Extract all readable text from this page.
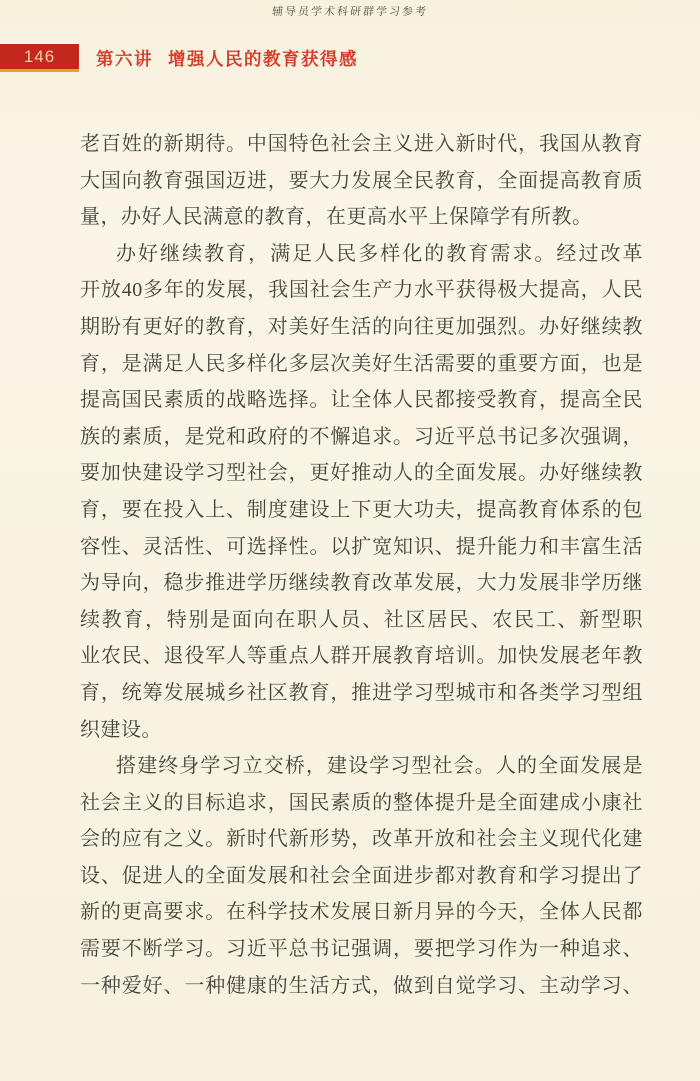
辅导员学术科研群学习参考
146	第六讲 增强人民的教育获得感
老百姓的新期待。中国特色社会主义进入新时代，我国从教育
大国向教育强国迈进，要大力发展全民教育，全面提高教育质
量，办好人民满意的教育，在更高水平上保障学有所教。
办好继续教育，满足人民多样化的教育需求。经过改革
开放40多年的发展，我国社会生产力水平获得极大提高，人民
期盼有更好的教育，对美好生活的向往更加强烈。办好继续教
育，是满足人民多样化多层次美好生活需要的重要方面，也是
提高国民素质的战略选择。让全体人民都接受教育，提高全民
族的素质，是党和政府的不懈追求。习近平总书记多次强调，
要加快建设学习型社会，更好推动人的全面发展。办好继续教
育，要在投入上、制度建设上下更大功夫，提高教育体系的包
容性、灵活性、可选择性。以扩宽知识、提升能力和丰富生活
为导向，稳步推进学历继续教育改革发展，大力发展非学历继
续教育，特别是面向在职人员、社区居民、农民工、新型职
业农民、退役军人等重点人群开展教育培训。加快发展老年教
育，统筹发展城乡社区教育，推进学习型城市和各类学习型组
织建设。
搭建终身学习立交桥，建设学习型社会。人的全面发展是
社会主义的目标追求，国民素质的整体提升是全面建成小康社
会的应有之义。新时代新形势，改革开放和社会主义现代化建
设、促进人的全面发展和社会全面进步都对教育和学习提出了
新的更高要求。在科学技术发展日新月异的今天，全体人民都
需要不断学习。习近平总书记强调，要把学习作为一种追求、
一种爱好、一种健康的生活方式，做到自觉学习、主动学习、
